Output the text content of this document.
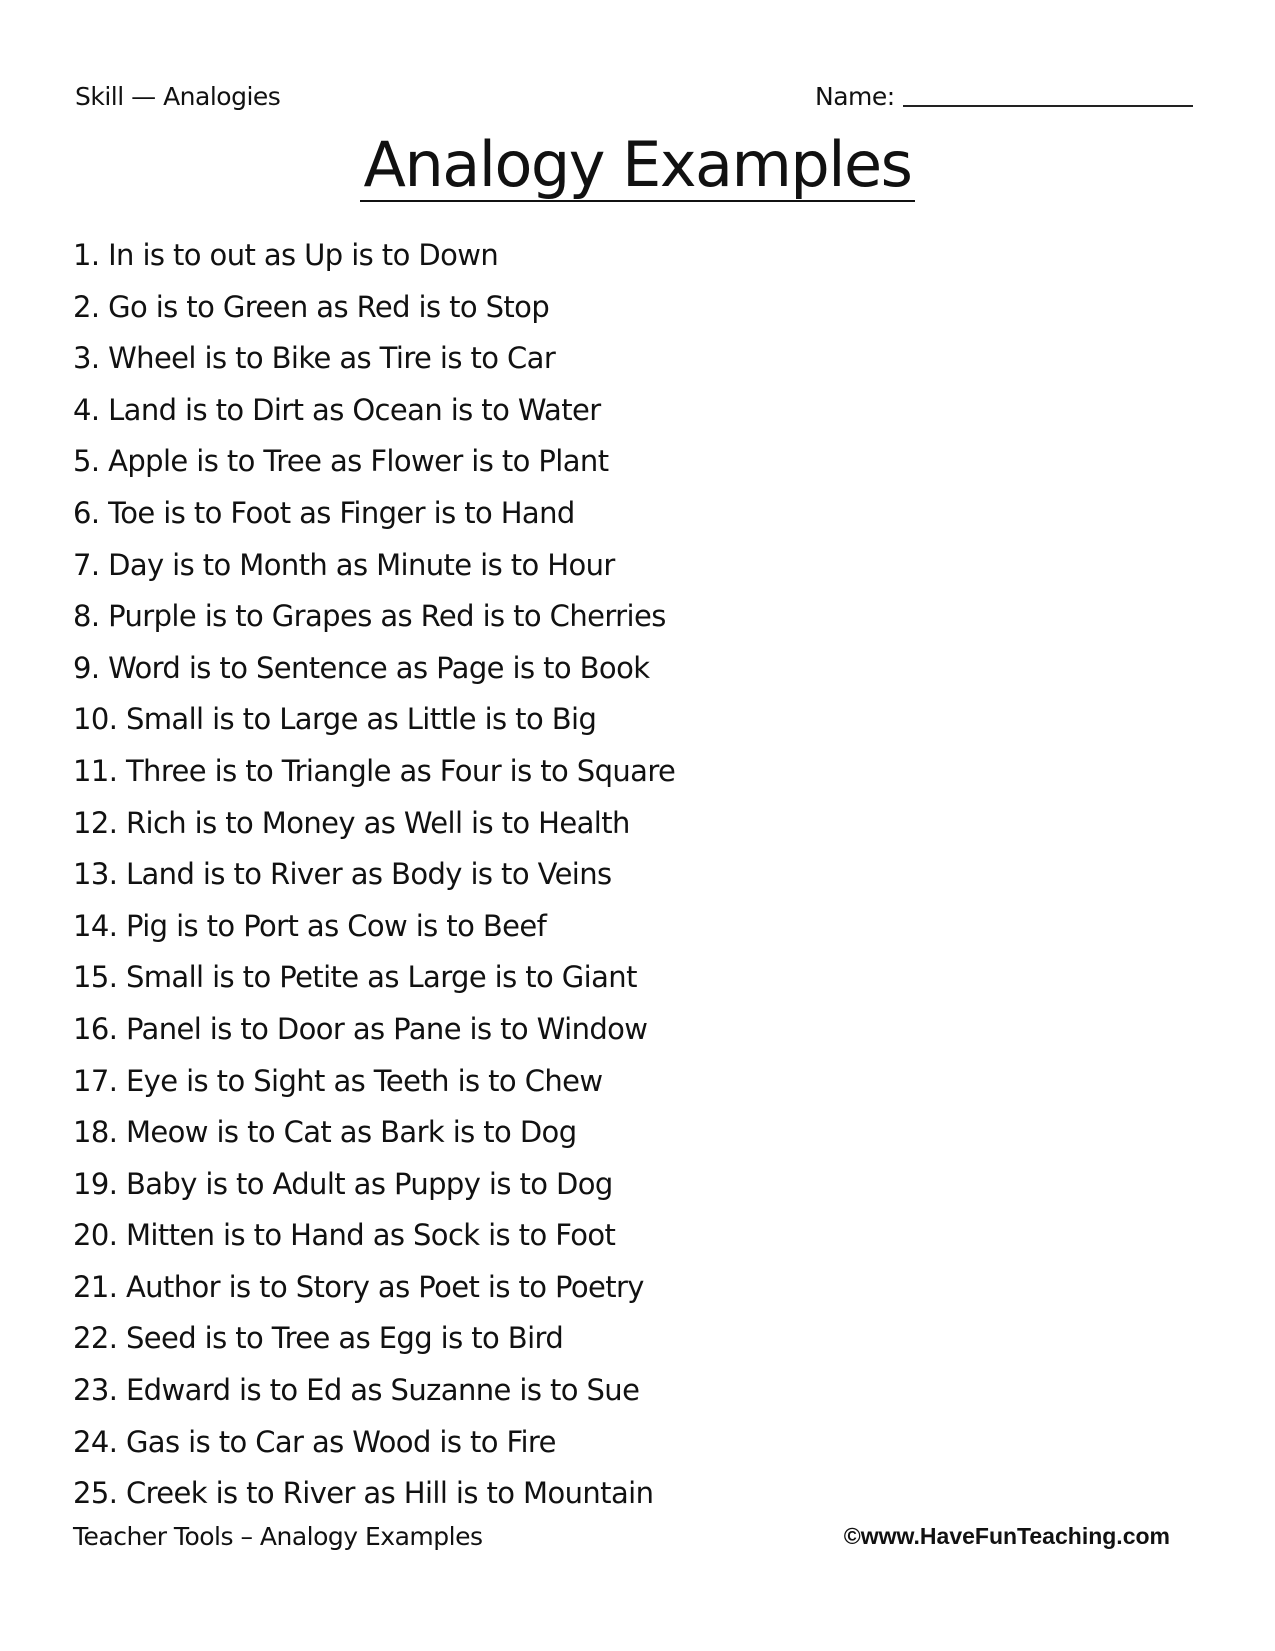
Skill — Analogies	Name:
Analogy Examples
1. In is to out as Up is to Down
2. Go is to Green as Red is to Stop
3. Wheel is to Bike as Tire is to Car
4. Land is to Dirt as Ocean is to Water
5. Apple is to Tree as Flower is to Plant
6. Toe is to Foot as Finger is to Hand
7. Day is to Month as Minute is to Hour
8. Purple is to Grapes as Red is to Cherries
9. Word is to Sentence as Page is to Book
10. Small is to Large as Little is to Big
11. Three is to Triangle as Four is to Square
12. Rich is to Money as Well is to Health
13. Land is to River as Body is to Veins
14. Pig is to Port as Cow is to Beef
15. Small is to Petite as Large is to Giant
16. Panel is to Door as Pane is to Window
17. Eye is to Sight as Teeth is to Chew
18. Meow is to Cat as Bark is to Dog
19. Baby is to Adult as Puppy is to Dog
20. Mitten is to Hand as Sock is to Foot
21. Author is to Story as Poet is to Poetry
22. Seed is to Tree as Egg is to Bird
23. Edward is to Ed as Suzanne is to Sue
24. Gas is to Car as Wood is to Fire
25. Creek is to River as Hill is to Mountain
Teacher Tools – Analogy Examples	©www.HaveFunTeaching.com
